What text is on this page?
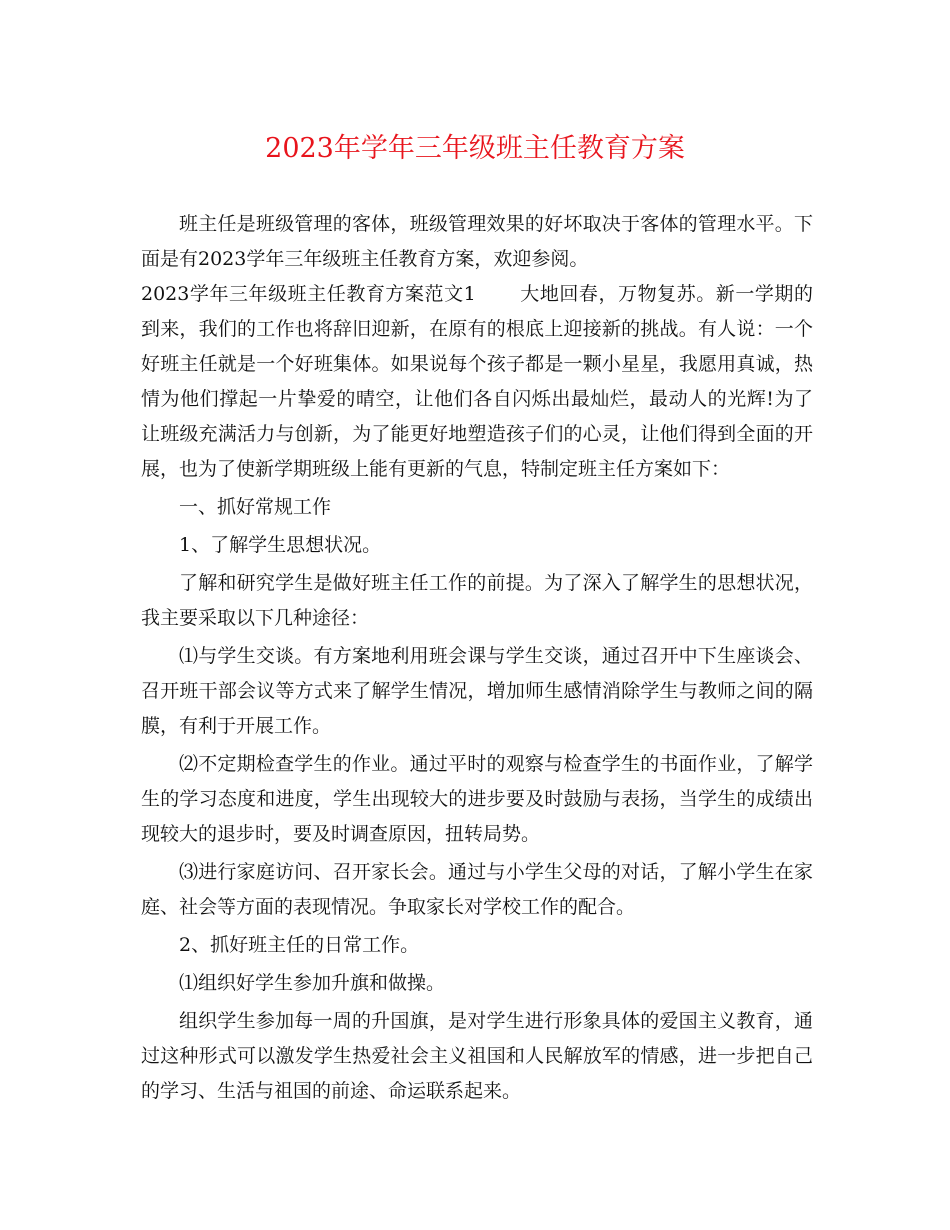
2023年学年三年级班主任教育方案

班主任是班级管理的客体，班级管理效果的好坏取决于客体的管理水平。下面是有2023学年三年级班主任教育方案，欢迎参阅。

2023学年三年级班主任教育方案范文1 大地回春，万物复苏。新一学期的到来，我们的工作也将辞旧迎新，在原有的根底上迎接新的挑战。有人说：一个好班主任就是一个好班集体。如果说每个孩子都是一颗小星星，我愿用真诚，热情为他们撑起一片挚爱的晴空，让他们各自闪烁出最灿烂，最动人的光辉!为了让班级充满活力与创新，为了能更好地塑造孩子们的心灵，让他们得到全面的开展，也为了使新学期班级上能有更新的气息，特制定班主任方案如下：

一、抓好常规工作

1、了解学生思想状况。

了解和研究学生是做好班主任工作的前提。为了深入了解学生的思想状况，我主要采取以下几种途径：

⑴与学生交谈。有方案地利用班会课与学生交谈，通过召开中下生座谈会、召开班干部会议等方式来了解学生情况，增加师生感情消除学生与教师之间的隔膜，有利于开展工作。

⑵不定期检查学生的作业。通过平时的观察与检查学生的书面作业，了解学生的学习态度和进度，学生出现较大的进步要及时鼓励与表扬，当学生的成绩出现较大的退步时，要及时调查原因，扭转局势。

⑶进行家庭访问、召开家长会。通过与小学生父母的对话，了解小学生在家庭、社会等方面的表现情况。争取家长对学校工作的配合。

2、抓好班主任的日常工作。

⑴组织好学生参加升旗和做操。

组织学生参加每一周的升国旗，是对学生进行形象具体的爱国主义教育，通过这种形式可以激发学生热爱社会主义祖国和人民解放军的情感，进一步把自己的学习、生活与祖国的前途、命运联系起来。
